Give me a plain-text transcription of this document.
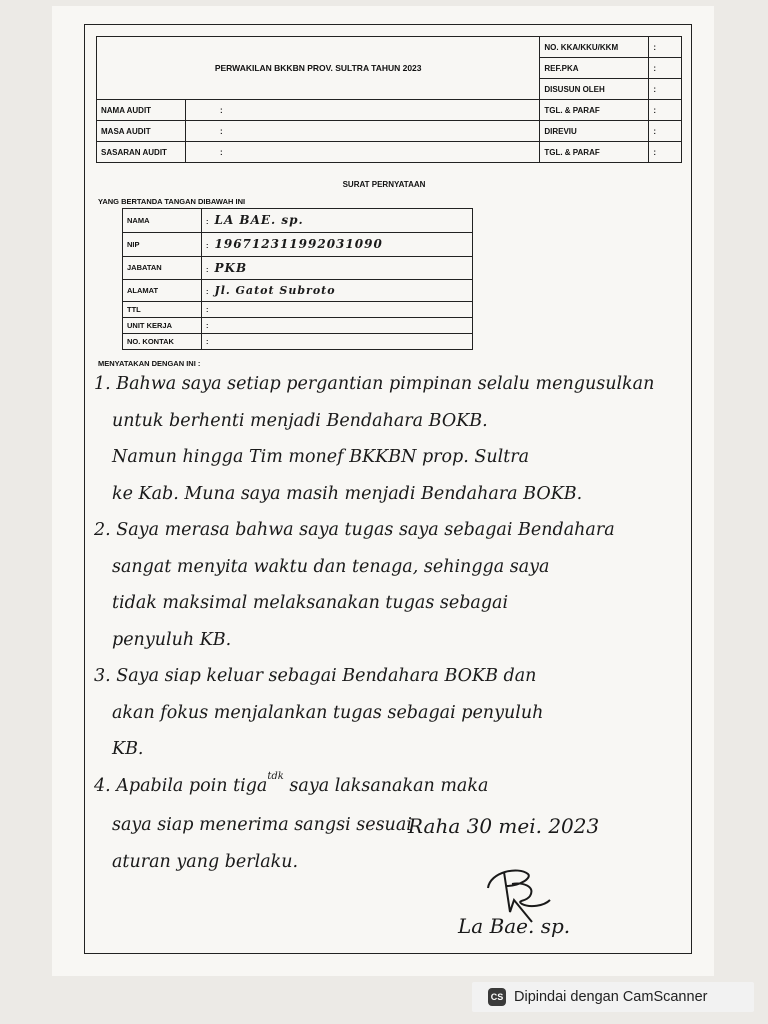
PERWAKILAN BKKBN PROV. SULTRA TAHUN 2023		NO. KKA/KKU/KKM	:
		REF.PKA	:
		DISUSUN OLEH	:
NAMA AUDIT	:	TGL. & PARAF	:
MASA AUDIT	:	DIREVIU	:
SASARAN AUDIT	:	TGL. & PARAF	:
SURAT PERNYATAAN
YANG BERTANDA TANGAN DIBAWAH INI
NAMA	: LA BAE. sp.
NIP	: 196712311992031090
JABATAN	: PKB
ALAMAT	: Jl. Gatot Subroto
TTL	:
UNIT KERJA	:
NO. KONTAK	:
MENYATAKAN DENGAN INI :
1. Bahwa saya setiap pergantian pimpinan selalu mengusulkan
untuk berhenti menjadi Bendahara BOKB.
Namun hingga Tim monef BKKBN prop. Sultra
ke Kab. Muna saya masih menjadi Bendahara BOKB.
2. Saya merasa bahwa saya tugas saya sebagai Bendahara
sangat menyita waktu dan tenaga, sehingga saya
tidak maksimal melaksanakan tugas sebagai
penyuluh KB.
3. Saya siap keluar sebagai Bendahara BOKB dan
akan fokus menjalankan tugas sebagai penyuluh
KB.
4. Apabila poin tiga$^{tdk}$ saya laksanakan maka
saya siap menerima sangsi sesuai
aturan yang berlaku.
Raha 30 mei. 2023
La Bae. sp.
CS Dipindai dengan CamScanner
